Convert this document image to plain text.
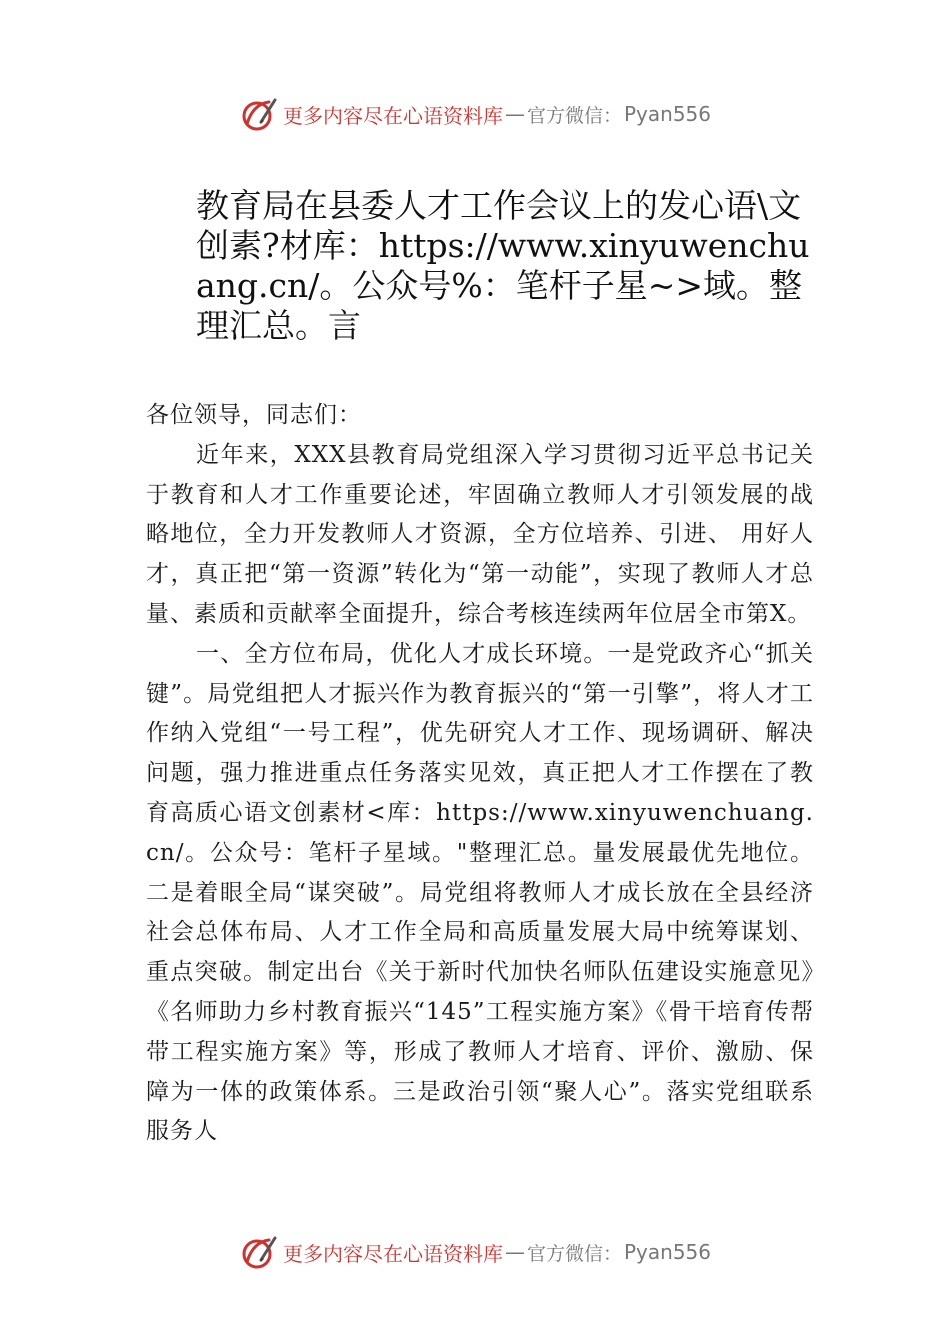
更多内容尽在心语资料库 — 官方微信： Pyan556
教育局在县委人才工作会议上的发心语\文创素?材库：https://www.xinyuwenchuang.cn/。公众号%：笔杆子星~>域。整理汇总。言

各位领导，同志们：

近年来，XXX县教育局党组深入学习贯彻习近平总书记关于教育和人才工作重要论述，牢固确立教师人才引领发展的战略地位，全力开发教师人才资源，全方位培养、引进、 用好人才，真正把“第一资源”转化为“第一动能”，实现了教师人才总量、素质和贡献率全面提升，综合考核连续两年位居全市第X。

一、全方位布局，优化人才成长环境。一是党政齐心“抓关键”。局党组把人才振兴作为教育振兴的“第一引擎”，将人才工作纳入党组“一号工程”，优先研究人才工作、现场调研、解决问题，强力推进重点任务落实见效，真正把人才工作摆在了教育高质心语文创素材<库：https://www.xinyuwenchuang.cn/。公众号：笔杆子星域。"整理汇总。量发展最优先地位。二是着眼全局“谋突破”。局党组将教师人才成长放在全县经济社会总体布局、人才工作全局和高质量发展大局中统筹谋划、重点突破。制定出台《关于新时代加快名师队伍建设实施意见》《名师助力乡村教育振兴“145”工程实施方案》《骨干培育传帮带工程实施方案》等，形成了教师人才培育、评价、激励、保障为一体的政策体系。三是政治引领“聚人心”。落实党组联系服务人

更多内容尽在心语资料库 — 官方微信： Pyan556
